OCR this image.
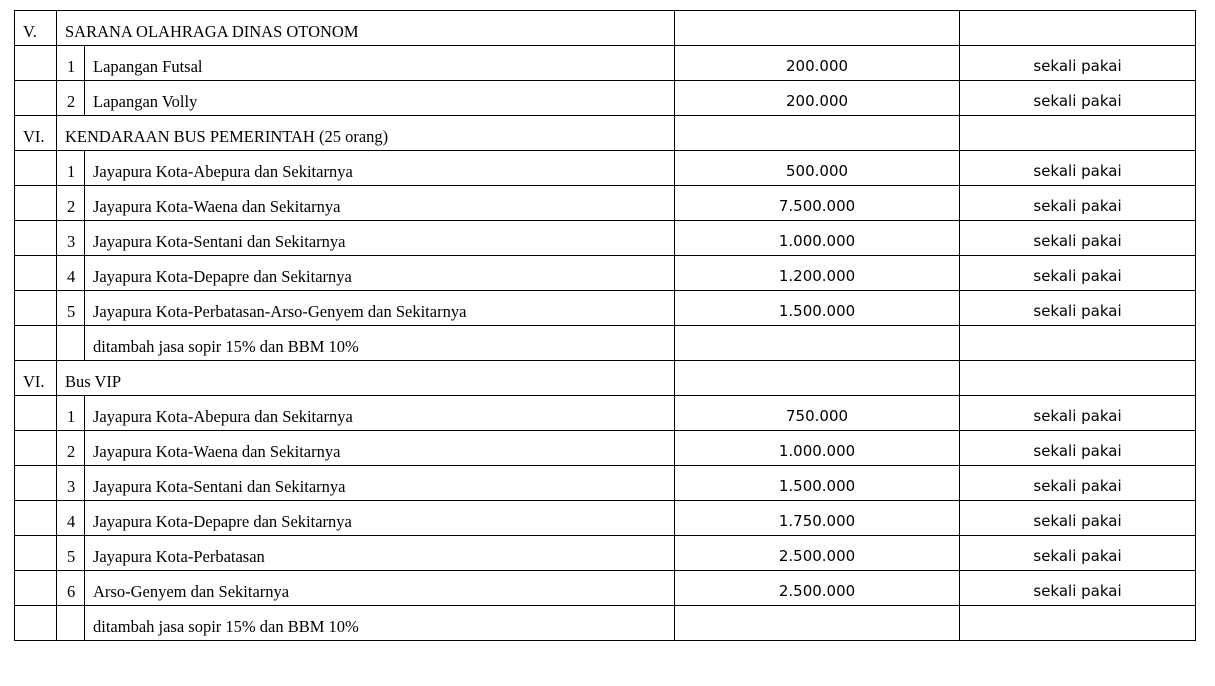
V.	SARANA OLAHRAGA DINAS OTONOM			
	1	Lapangan Futsal	200.000	sekali pakai
	2	Lapangan Volly	200.000	sekali pakai
VI.	KENDARAAN BUS PEMERINTAH (25 orang)			
	1	Jayapura Kota-Abepura dan Sekitarnya	500.000	sekali pakai
	2	Jayapura Kota-Waena dan Sekitarnya	7.500.000	sekali pakai
	3	Jayapura Kota-Sentani dan Sekitarnya	1.000.000	sekali pakai
	4	Jayapura Kota-Depapre dan Sekitarnya	1.200.000	sekali pakai
	5	Jayapura Kota-Perbatasan-Arso-Genyem dan Sekitarnya	1.500.000	sekali pakai
		ditambah jasa sopir 15% dan BBM 10%		
VI.	Bus VIP			
	1	Jayapura Kota-Abepura dan Sekitarnya	750.000	sekali pakai
	2	Jayapura Kota-Waena dan Sekitarnya	1.000.000	sekali pakai
	3	Jayapura Kota-Sentani dan Sekitarnya	1.500.000	sekali pakai
	4	Jayapura Kota-Depapre dan Sekitarnya	1.750.000	sekali pakai
	5	Jayapura Kota-Perbatasan	2.500.000	sekali pakai
	6	Arso-Genyem dan Sekitarnya	2.500.000	sekali pakai
		ditambah jasa sopir 15% dan BBM 10%		
